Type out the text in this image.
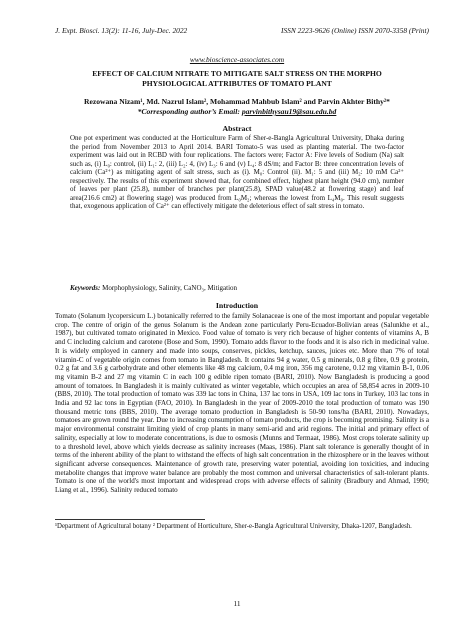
J. Expt. Biosci. 13(2): 11-16, July-Dec. 2022	ISSN 2223-9626 (Online) ISSN 2070-3358 (Print)
www.bioscience-associates.com
EFFECT OF CALCIUM NITRATE TO MITIGATE SALT STRESS ON THE MORPHO PHYSIOLOGICAL ATTRIBUTES OF TOMATO PLANT
Rezowana Nizam¹, Md. Nazrul Islam², Mohammad Mahbub Islam² and Parvin Akhter Bithy²*
*Corresponding author’s Email: parvinbithysau19@sau.edu.bd
Abstract
One pot experiment was conducted at the Horticulture Farm of Sher-e-Bangla Agricultural University, Dhaka during the period from November 2013 to April 2014. BARI Tomato-5 was used as planting material. The two-factor experiment was laid out in RCBD with four replications. The factors were; Factor A: Five levels of Sodium (Na) salt such as, (i) L₀: control, (ii) L₁: 2, (iii) L₂: 4, (iv) L₃: 6 and (v) L₄: 8 dS/m; and Factor B: three concentration levels of calcium (Ca²⁺) as mitigating agent of salt stress, such as (i). M₀: Control (ii). M₁: 5 and (iii) M₂: 10 mM Ca²⁺ respectively. The results of this experiment showed that, for combined effect, highest plant height (94.0 cm), number of leaves per plant (25.8), number of branches per plant(25.8), SPAD value(48.2 at flowering stage) and leaf area(216.6 cm2) at flowering stage) was produced from L₀M₂; whereas the lowest from L₄M₀. This result suggests that, exogenous application of Ca²⁺ can effectively mitigate the deleterious effect of salt stress in tomato.
Keywords: Morphophysiology, Salinity, CaNO₃, Mitigation
Introduction
Tomato (Solanum lycopersicum L.) botanically referred to the family Solanaceae is one of the most important and popular vegetable crop. The centre of origin of the genus Solanum is the Andean zone particularly Peru-Ecuador-Bolivian areas (Salunkhe et al., 1987), but cultivated tomato originated in Mexico. Food value of tomato is very rich because of higher contents of vitamins A, B and C including calcium and carotene (Bose and Som, 1990). Tomato adds flavor to the foods and it is also rich in medicinal value. It is widely employed in cannery and made into soups, conserves, pickles, ketchup, sauces, juices etc. More than 7% of total vitamin-C of vegetable origin comes from tomato in Bangladesh. It contains 94 g water, 0.5 g minerals, 0.8 g fibre, 0.9 g protein, 0.2 g fat and 3.6 g carbohydrate and other elements like 48 mg calcium, 0.4 mg iron, 356 mg carotene, 0.12 mg vitamin B-1, 0.06 mg vitamin B-2 and 27 mg vitamin C in each 100 g edible ripen tomato (BARI, 2010). Now Bangladesh is producing a good amount of tomatoes. In Bangladesh it is mainly cultivated as winter vegetable, which occupies an area of 58,854 acres in 2009-10 (BBS, 2010). The total production of tomato was 339 lac tons in China, 137 lac tons in USA, 109 lac tons in Turkey, 103 lac tons in India and 92 lac tons in Egyptian (FAO, 2010). In Bangladesh in the year of 2009-2010 the total production of tomato was 190 thousand metric tons (BBS, 2010). The average tomato production in Bangladesh is 50-90 tons/ha (BARI, 2010). Nowadays, tomatoes are grown round the year. Due to increasing consumption of tomato products, the crop is becoming promising. Salinity is a major environmental constraint limiting yield of crop plants in many semi-arid and arid regions. The initial and primary effect of salinity, especially at low to moderate concentrations, is due to osmosis (Munns and Termaat, 1986). Most crops tolerate salinity up to a threshold level, above which yields decrease as salinity increases (Maas, 1986). Plant salt tolerance is generally thought of in terms of the inherent ability of the plant to withstand the effects of high salt concentration in the rhizosphere or in the leaves without significant adverse consequences. Maintenance of growth rate, preserving water potential, avoiding ion toxicities, and inducing metabolite changes that improve water balance are probably the most common and universal characteristics of salt-tolerant plants. Tomato is one of the world's most important and widespread crops with adverse effects of salinity (Bradbury and Ahmad, 1990; Liang et al., 1996). Salinity reduced tomato
¹Department of Agricultural botany ² Department of Horticulture, Sher-e-Bangla Agricultural University, Dhaka-1207, Bangladesh.
11
